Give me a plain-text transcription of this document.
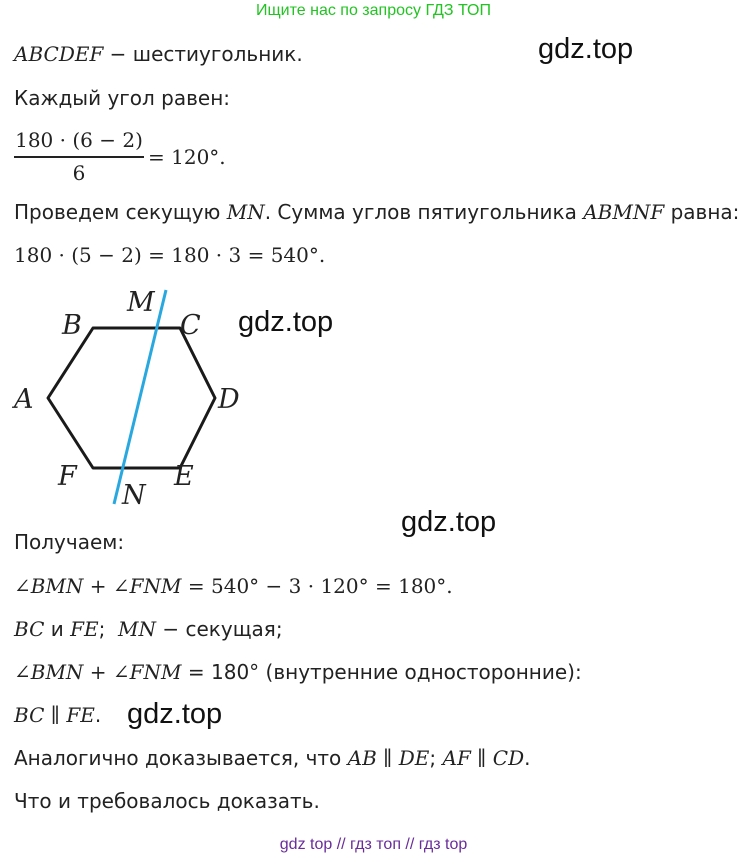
Ищите нас по запросу ГДЗ ТОП
gdz.top
ABCDEF − шестиугольник.
Каждый угол равен:
180 · (6 − 2)
6
= 120°.
Проведем секущую MN. Сумма углов пятиугольника ABMNF равна:
180 · (5 − 2) = 180 · 3 = 540°.
B
M
C
A	D
F
N
E
gdz.top
gdz.top
Получаем:
∠BMN + ∠FNM = 540° − 3 · 120° = 180°.
BC и FE;  MN − секущая;
∠BMN + ∠FNM = 180° (внутренние односторонние):
BC ∥ FE. gdz.top
Аналогично доказывается, что AB ∥ DE; AF ∥ CD.
Что и требовалось доказать.
gdz top // гдз топ // гдз top
